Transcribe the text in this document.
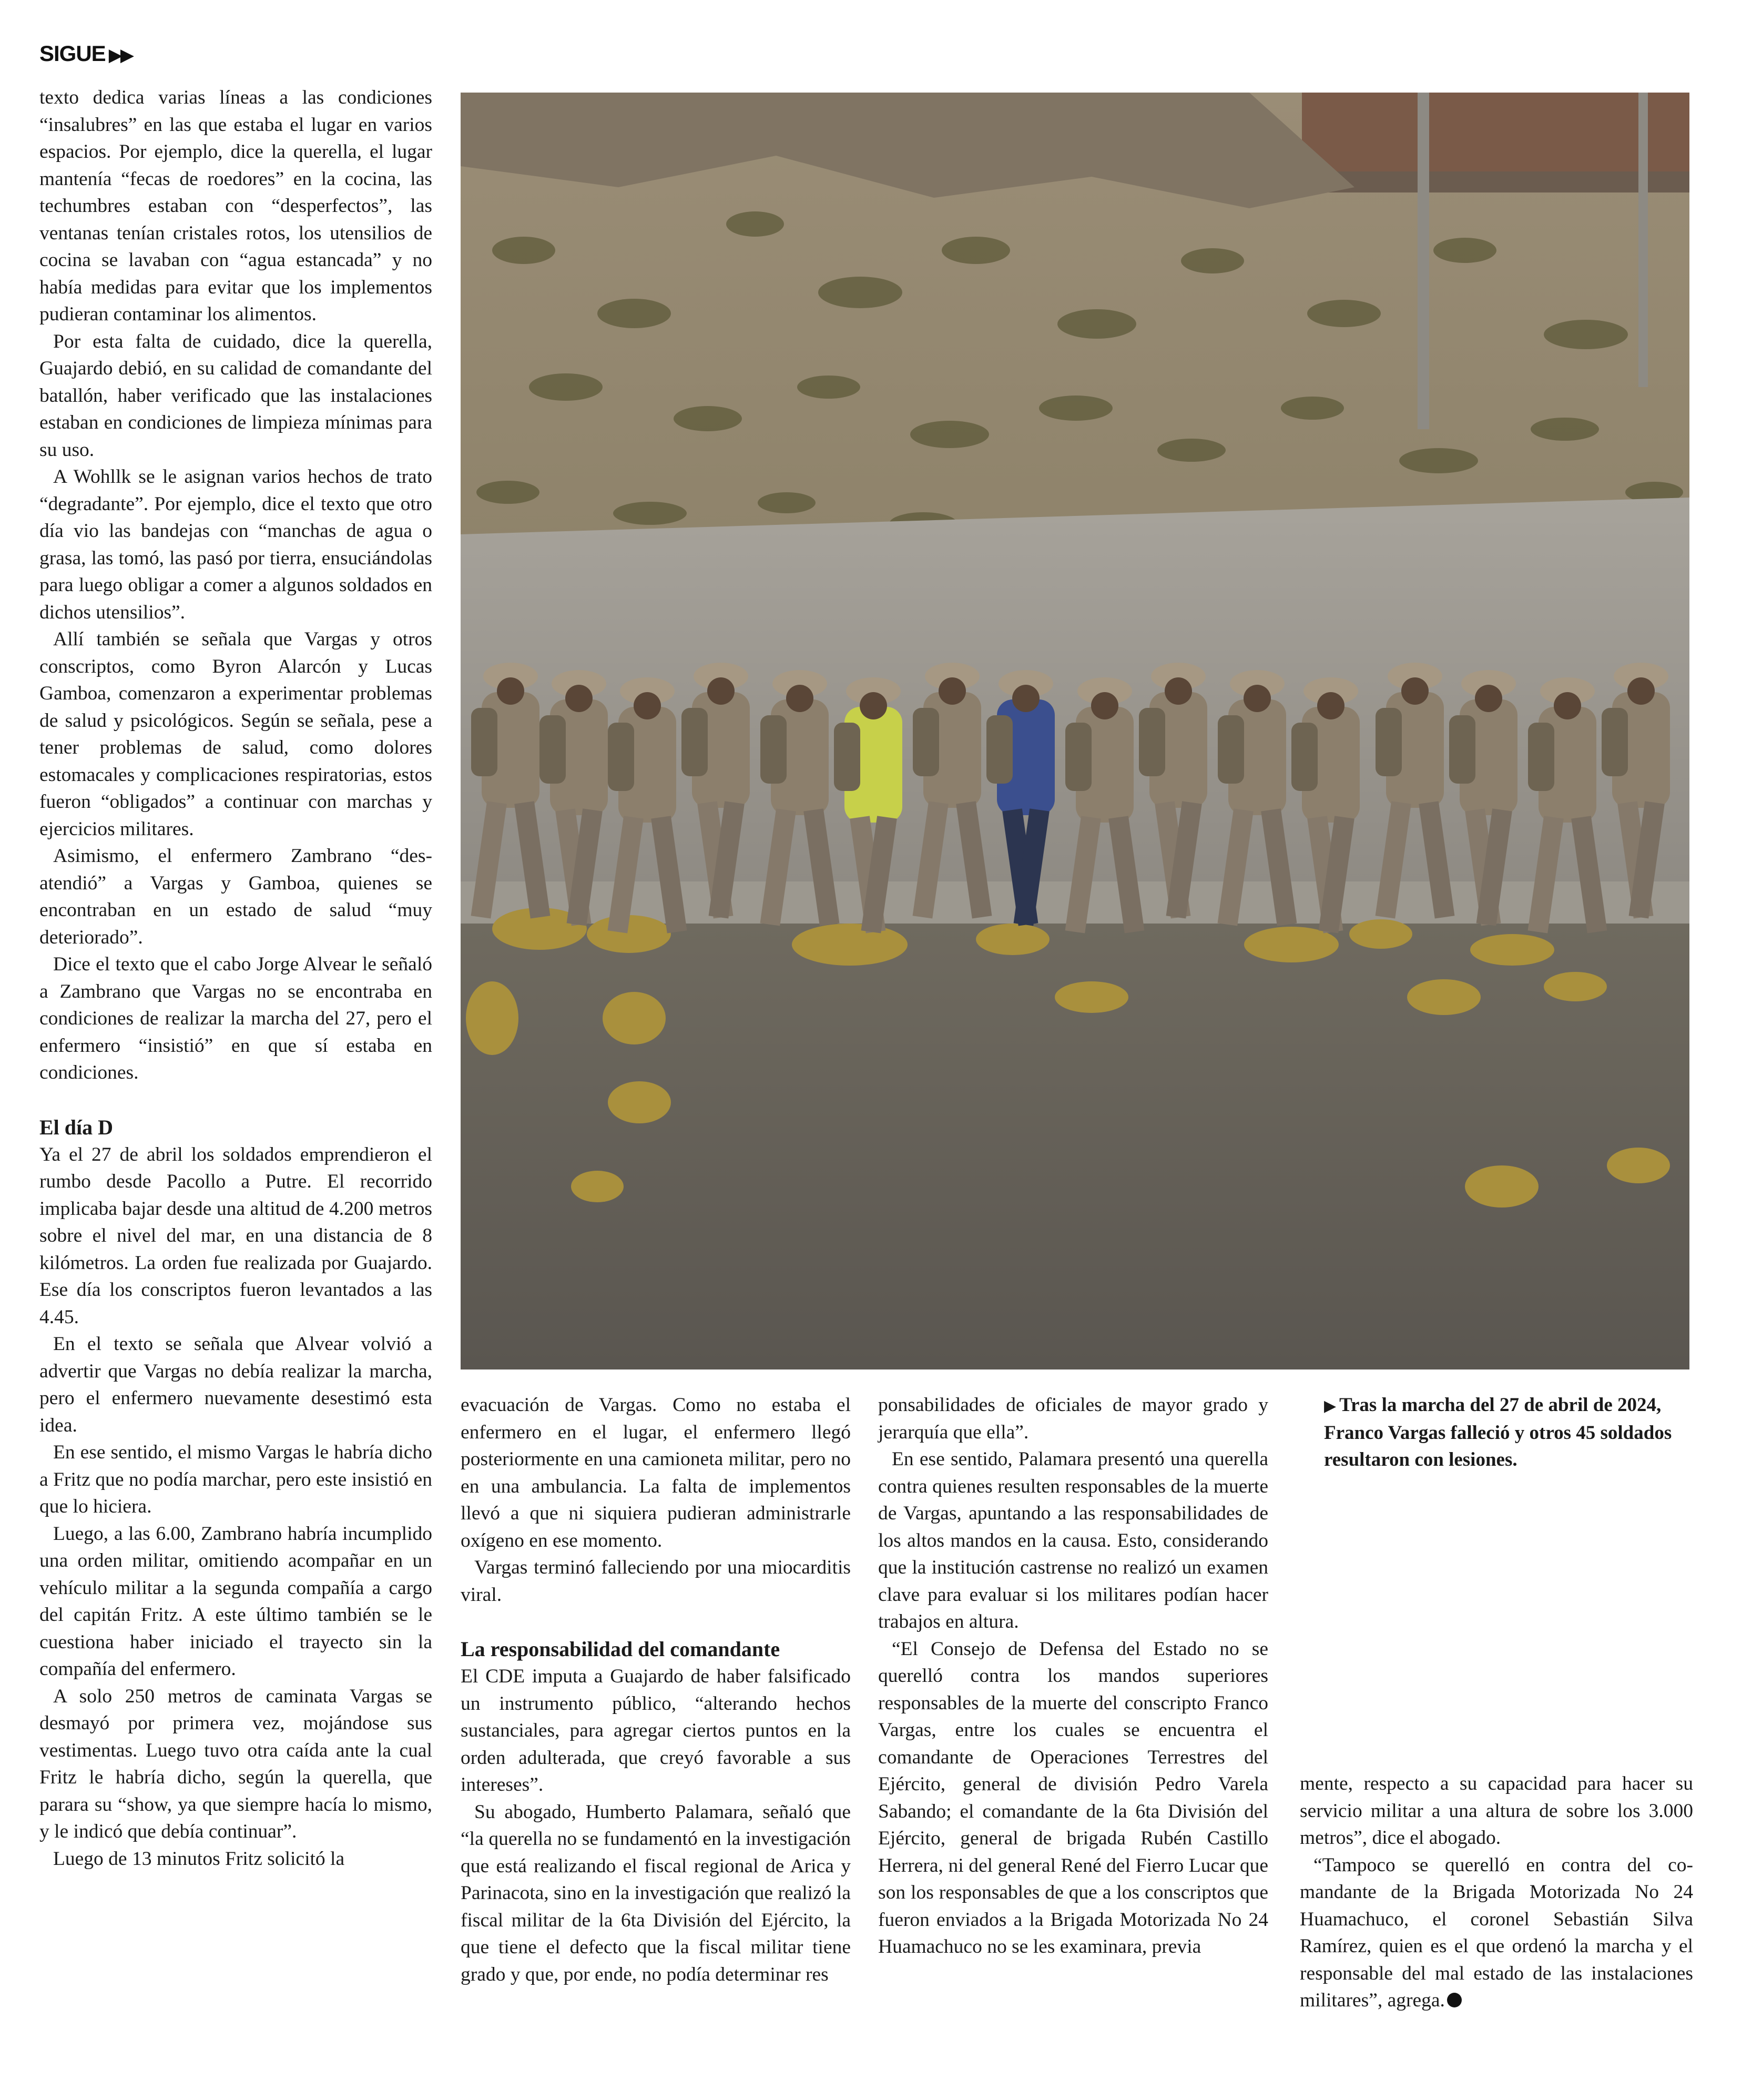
SIGUE ▶▶

texto dedica varias líneas a las condiciones “insalubres” en las que estaba el lugar en varios espacios. Por ejemplo, dice la querella, el lugar mantenía “fecas de roedores” en la cocina, las techumbres estaban con “desperfectos”, las ventanas tenían cristales rotos, los utensilios de cocina se lavaban con “agua estancada” y no había medidas para evitar que los implementos pudieran contaminar los alimentos.

Por esta falta de cuidado, dice la querella, Guajardo debió, en su calidad de comandante del batallón, haber verificado que las instalaciones estaban en condiciones de limpieza mínimas para su uso.

A Wohllk se le asignan varios hechos de trato “degradante”. Por ejemplo, dice el texto que otro día vio las bandejas con “manchas de agua o grasa, las tomó, las pasó por tierra, ensuciándolas para luego obligar a comer a algunos soldados en dichos utensilios”.

Allí también se señala que Vargas y otros conscriptos, como Byron Alarcón y Lucas Gamboa, comenzaron a experimentar problemas de salud y psicológicos. Según se señala, pese a tener problemas de salud, como dolores estomacales y complicaciones respiratorias, estos fueron “obligados” a continuar con marchas y ejercicios militares.

Asimismo, el enfermero Zambrano “desatendió” a Vargas y Gamboa, quienes se encontraban en un estado de salud “muy deteriorado”.

Dice el texto que el cabo Jorge Alvear le señaló a Zambrano que Vargas no se encontraba en condiciones de realizar la marcha del 27, pero el enfermero “insistió” en que sí estaba en condiciones.

El día D

Ya el 27 de abril los soldados emprendieron el rumbo desde Pacollo a Putre. El recorrido implicaba bajar desde una altitud de 4.200 metros sobre el nivel del mar, en una distancia de 8 kilómetros. La orden fue realizada por Guajardo. Ese día los conscriptos fueron levantados a las 4.45.

En el texto se señala que Alvear volvió a advertir que Vargas no debía realizar la marcha, pero el enfermero nuevamente desestimó esta idea.

En ese sentido, el mismo Vargas le habría dicho a Fritz que no podía marchar, pero este insistió en que lo hiciera.

Luego, a las 6.00, Zambrano habría incumplido una orden militar, omitiendo acompañar en un vehículo militar a la segunda compañía a cargo del capitán Fritz. A este último también se le cuestiona haber iniciado el trayecto sin la compañía del enfermero.

A solo 250 metros de caminata Vargas se desmayó por primera vez, mojándose sus vestimentas. Luego tuvo otra caída ante la cual Fritz le habría dicho, según la querella, que parara su “show, ya que siempre hacía lo mismo, y le indicó que debía continuar”.

Luego de 13 minutos Fritz solicitó la

evacuación de Vargas. Como no estaba el enfermero en el lugar, el enfermero llegó posteriormente en una camioneta militar, pero no en una ambulancia. La falta de implementos llevó a que ni siquiera pudieran administrarle oxígeno en ese momento.

Vargas terminó falleciendo por una miocarditis viral.

La responsabilidad del comandante

El CDE imputa a Guajardo de haber falsificado un instrumento público, “alterando hechos sustanciales, para agregar ciertos puntos en la orden adulterada, que creyó favorable a sus intereses”.

Su abogado, Humberto Palamara, señaló que “la querella no se fundamentó en la investigación que está realizando el fiscal regional de Arica y Parinacota, sino en la investigación que realizó la fiscal militar de la 6ta División del Ejército, la que tiene el defecto que la fiscal militar tiene grado y que, por ende, no podía determinar res

ponsabilidades de oficiales de mayor grado y jerarquía que ella”.

En ese sentido, Palamara presentó una querella contra quienes resulten responsables de la muerte de Vargas, apuntando a las responsabilidades de los altos mandos en la causa. Esto, considerando que la institución castrense no realizó un examen clave para evaluar si los militares podían hacer trabajos en altura.

“El Consejo de Defensa del Estado no se querelló contra los mandos superiores responsables de la muerte del conscripto Franco Vargas, entre los cuales se encuentra el comandante de Operaciones Terrestres del Ejército, general de división Pedro Varela Sabando; el comandante de la 6ta División del Ejército, general de brigada Rubén Castillo Herrera, ni del general René del Fierro Lucar que son los responsables de que a los conscriptos que fueron enviados a la Brigada Motorizada No 24 Huamachuco no se les examinara, previa

▶ Tras la marcha del 27 de abril de 2024, Franco Vargas falleció y otros 45 soldados resultaron con lesiones.

mente, respecto a su capacidad para hacer su servicio militar a una altura de sobre los 3.000 metros”, dice el abogado.

“Tampoco se querelló en contra del comandante de la Brigada Motorizada No 24 Huamachuco, el coronel Sebastián Silva Ramírez, quien es el que ordenó la marcha y el responsable del mal estado de las instalaciones militares”, agrega.
